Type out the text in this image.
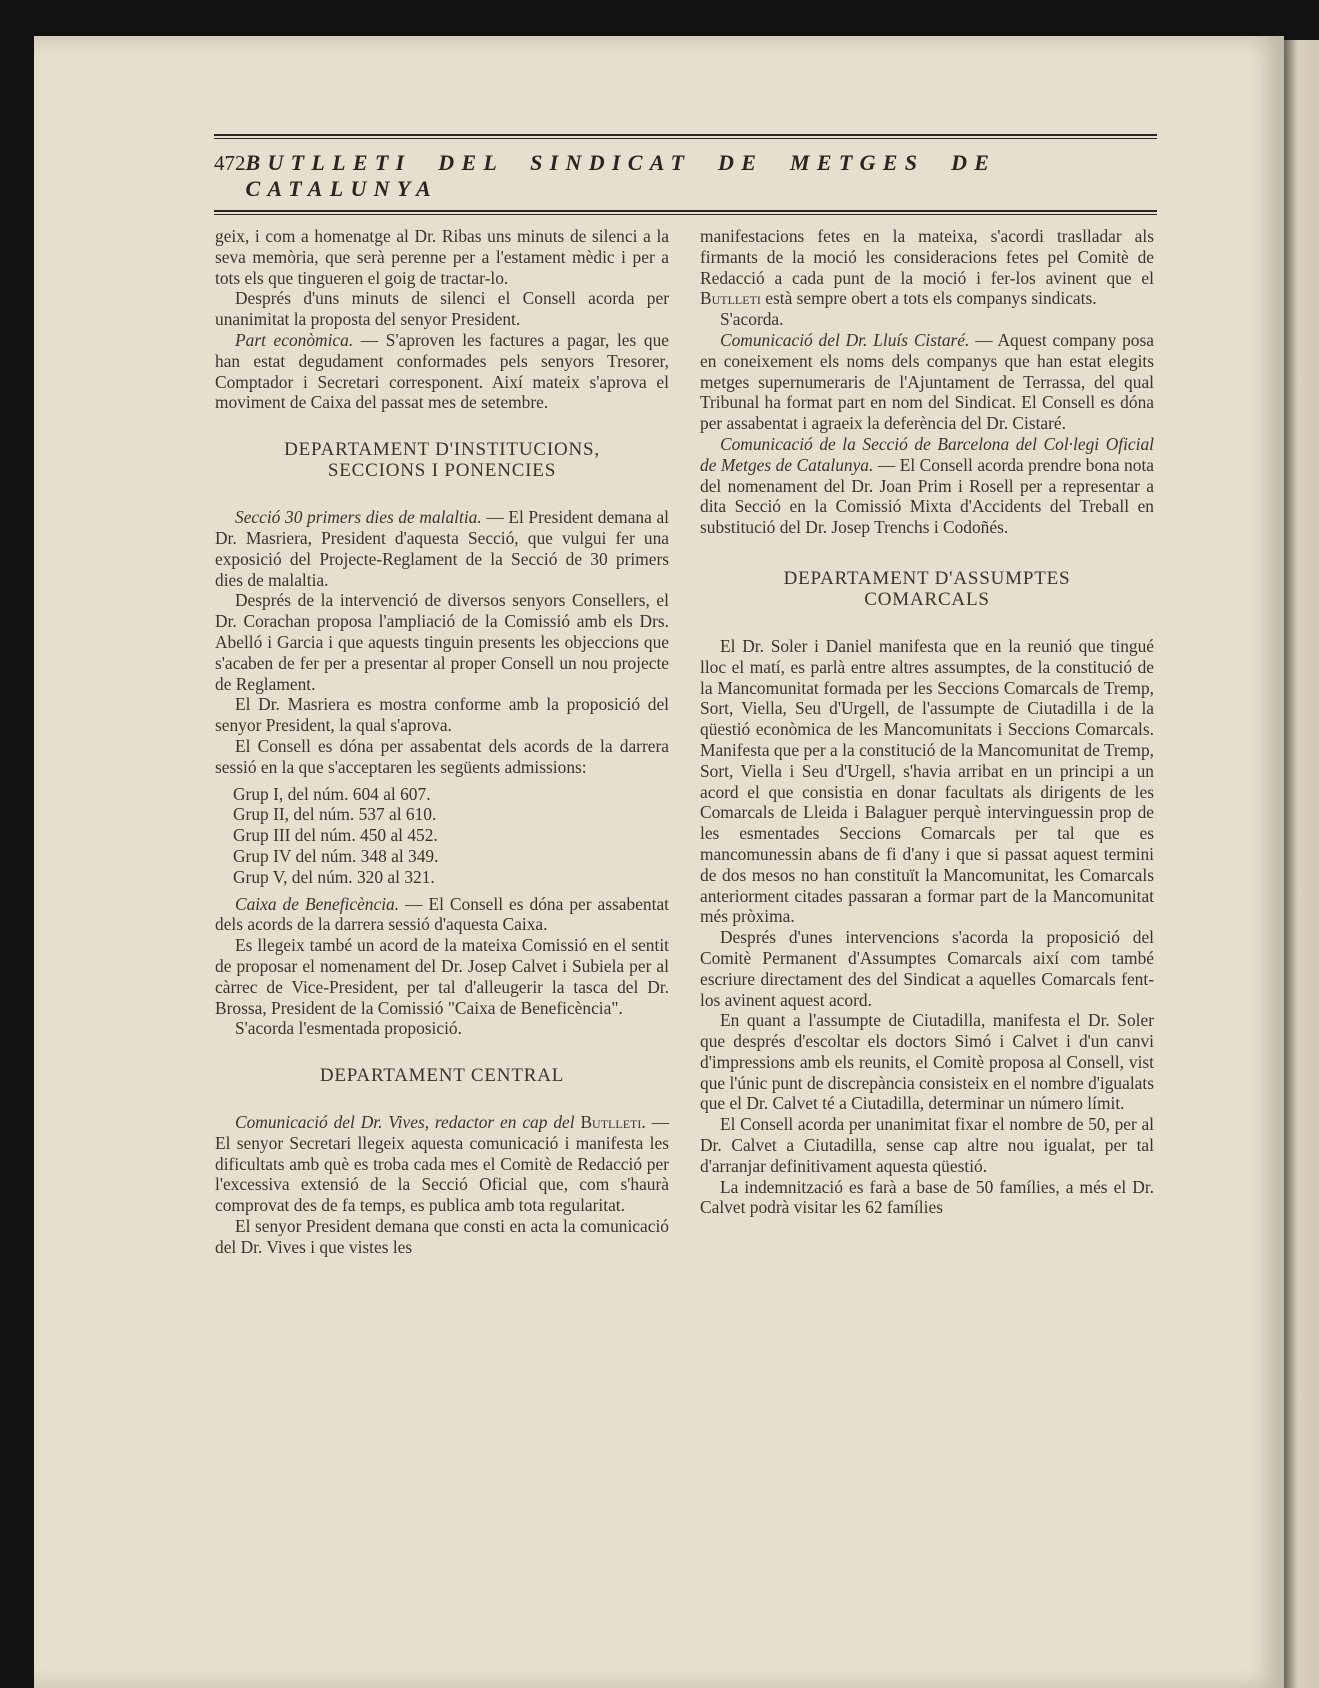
472 BUTLLETI DEL SINDICAT DE METGES DE CATALUNYA

geix, i com a homenatge al Dr. Ribas uns minuts de silenci a la seva memòria, que serà perenne per a l'estament mèdic i per a tots els que tingueren el goig de tractar-lo.

Després d'uns minuts de silenci el Consell acorda per unanimitat la proposta del senyor President.

Part econòmica. — S'aproven les factures a pagar, les que han estat degudament conformades pels senyors Tresorer, Comptador i Secretari corresponent. Així mateix s'aprova el moviment de Caixa del passat mes de setembre.

DEPARTAMENT D'INSTITUCIONS,
SECCIONS I PONENCIES

Secció 30 primers dies de malaltia. — El President demana al Dr. Masriera, President d'aquesta Secció, que vulgui fer una exposició del Projecte-Reglament de la Secció de 30 primers dies de malaltia.

Després de la intervenció de diversos senyors Consellers, el Dr. Corachan proposa l'ampliació de la Comissió amb els Drs. Abelló i Garcia i que aquests tinguin presents les objeccions que s'acaben de fer per a presentar al proper Consell un nou projecte de Reglament.

El Dr. Masriera es mostra conforme amb la proposició del senyor President, la qual s'aprova.

El Consell es dóna per assabentat dels acords de la darrera sessió en la que s'acceptaren les següents admissions:

Grup I, del núm. 604 al 607.
Grup II, del núm. 537 al 610.
Grup III del núm. 450 al 452.
Grup IV del núm. 348 al 349.
Grup V, del núm. 320 al 321.

Caixa de Beneficència. — El Consell es dóna per assabentat dels acords de la darrera sessió d'aquesta Caixa.

Es llegeix també un acord de la mateixa Comissió en el sentit de proposar el nomenament del Dr. Josep Calvet i Subiela per al càrrec de Vice-President, per tal d'alleugerir la tasca del Dr. Brossa, President de la Comissió "Caixa de Beneficència".

S'acorda l'esmentada proposició.

DEPARTAMENT CENTRAL

Comunicació del Dr. Vives, redactor en cap del Butlleti. — El senyor Secretari llegeix aquesta comunicació i manifesta les dificultats amb què es troba cada mes el Comitè de Redacció per l'excessiva extensió de la Secció Oficial que, com s'haurà comprovat des de fa temps, es publica amb tota regularitat.

El senyor President demana que consti en acta la comunicació del Dr. Vives i que vistes les

manifestacions fetes en la mateixa, s'acordi traslladar als firmants de la moció les consideracions fetes pel Comitè de Redacció a cada punt de la moció i fer-los avinent que el Butlleti està sempre obert a tots els companys sindicats.

S'acorda.

Comunicació del Dr. Lluís Cistaré. — Aquest company posa en coneixement els noms dels companys que han estat elegits metges supernumeraris de l'Ajuntament de Terrassa, del qual Tribunal ha format part en nom del Sindicat. El Consell es dóna per assabentat i agraeix la deferència del Dr. Cistaré.

Comunicació de la Secció de Barcelona del Col·legi Oficial de Metges de Catalunya. — El Consell acorda prendre bona nota del nomenament del Dr. Joan Prim i Rosell per a representar a dita Secció en la Comissió Mixta d'Accidents del Treball en substitució del Dr. Josep Trenchs i Codoñés.

DEPARTAMENT D'ASSUMPTES
COMARCALS

El Dr. Soler i Daniel manifesta que en la reunió que tingué lloc el matí, es parlà entre altres assumptes, de la constitució de la Mancomunitat formada per les Seccions Comarcals de Tremp, Sort, Viella, Seu d'Urgell, de l'assumpte de Ciutadilla i de la qüestió econòmica de les Mancomunitats i Seccions Comarcals. Manifesta que per a la constitució de la Mancomunitat de Tremp, Sort, Viella i Seu d'Urgell, s'havia arribat en un principi a un acord el que consistia en donar facultats als dirigents de les Comarcals de Lleida i Balaguer perquè intervinguessin prop de les esmentades Seccions Comarcals per tal que es mancomunessin abans de fi d'any i que si passat aquest termini de dos mesos no han constituït la Mancomunitat, les Comarcals anteriorment citades passaran a formar part de la Mancomunitat més pròxima.

Després d'unes intervencions s'acorda la proposició del Comitè Permanent d'Assumptes Comarcals així com també escriure directament des del Sindicat a aquelles Comarcals fent-los avinent aquest acord.

En quant a l'assumpte de Ciutadilla, manifesta el Dr. Soler que després d'escoltar els doctors Simó i Calvet i d'un canvi d'impressions amb els reunits, el Comitè proposa al Consell, vist que l'únic punt de discrepància consisteix en el nombre d'igualats que el Dr. Calvet té a Ciutadilla, determinar un número límit.

El Consell acorda per unanimitat fixar el nombre de 50, per al Dr. Calvet a Ciutadilla, sense cap altre nou igualat, per tal d'arranjar definitivament aquesta qüestió.

La indemnització es farà a base de 50 famílies, a més el Dr. Calvet podrà visitar les 62 famílies
